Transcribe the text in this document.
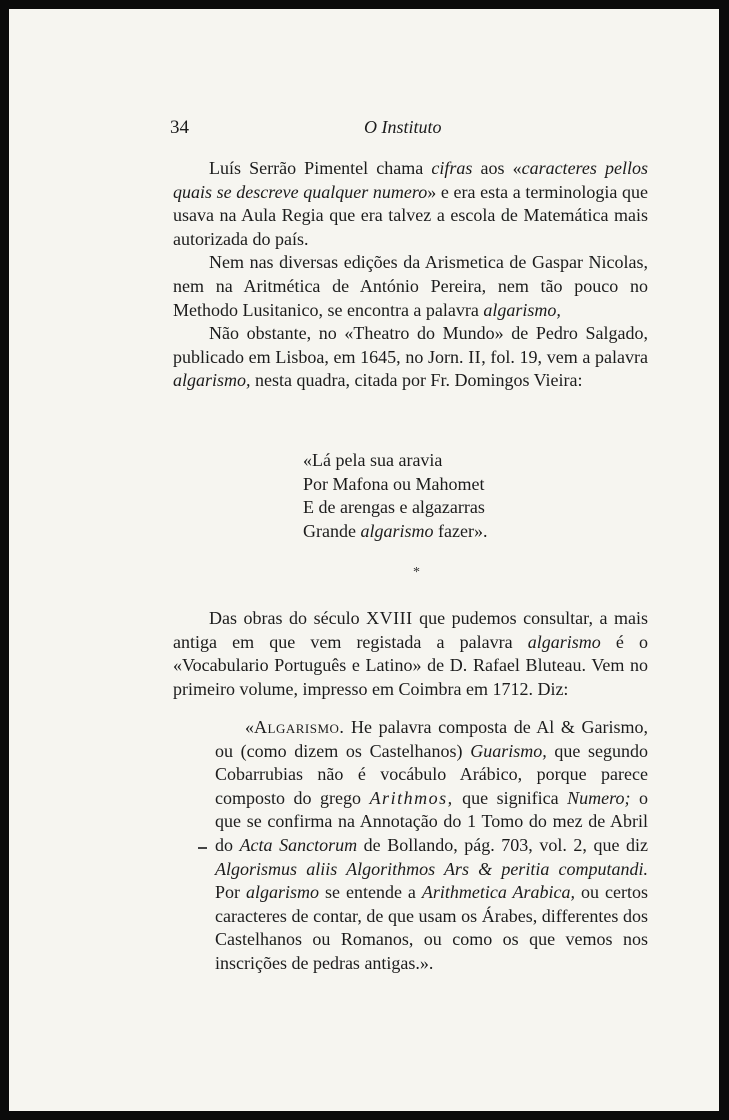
34	O Instituto

Luís Serrão Pimentel chama cifras aos «caracteres pellos quais se descreve qualquer numero» e era esta a terminologia que usava na Aula Regia que era talvez a escola de Matemática mais autorizada do país.

Nem nas diversas edições da Arismetica de Gaspar Nicolas, nem na Aritmética de António Pereira, nem tão pouco no Methodo Lusitanico, se encontra a palavra algarismo,

Não obstante, no «Theatro do Mundo» de Pedro Salgado, publicado em Lisboa, em 1645, no Jorn. II, fol. 19, vem a palavra algarismo, nesta quadra, citada por Fr. Domingos Vieira:

«Lá pela sua aravia
Por Mafona ou Mahomet
E de arengas e algazarras
Grande algarismo fazer».
*

Das obras do século XVIII que pudemos consultar, a mais antiga em que vem registada a palavra algarismo é o «Vocabulario Português e Latino» de D. Rafael Bluteau. Vem no primeiro volume, impresso em Coimbra em 1712. Diz:

«Algarismo. He palavra composta de Al & Garismo, ou (como dizem os Castelhanos) Guarismo, que segundo Cobarrubias não é vocábulo Arábico, porque parece composto do grego Arithmos, que significa Numero; o que se confirma na Annotação do 1 Tomo do mez de Abril do Acta Sanctorum de Bollando, pág. 703, vol. 2, que diz Algorismus aliis Algorithmos Ars & peritia computandi. Por algarismo se entende a Arithmetica Arabica, ou certos caracteres de contar, de que usam os Árabes, differentes dos Castelhanos ou Romanos, ou como os que vemos nos inscrições de pedras antigas.».
